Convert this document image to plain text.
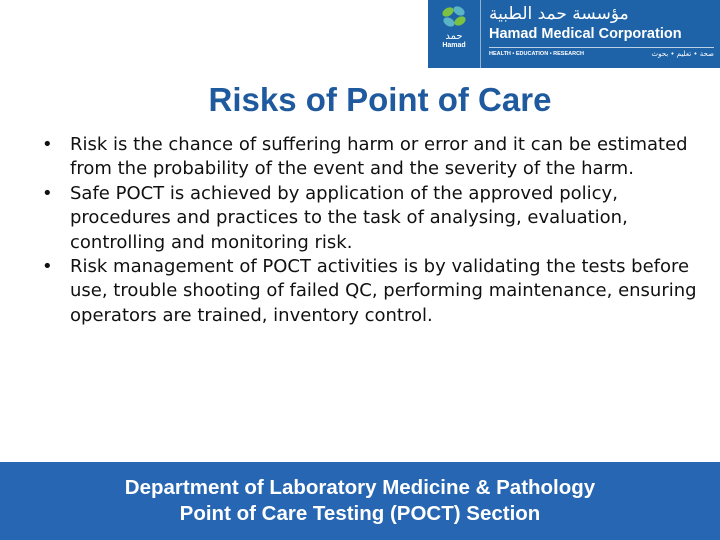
حمد
Hamad
مؤسسة حمد الطبية
Hamad Medical Corporation
HEALTH • EDUCATION • RESEARCH	صحة • تعليم • بحوث
Risks of Point of Care
• Risk is the chance of suffering harm or error and it can be estimated from the probability of the event and the severity of the harm.
• Safe POCT is achieved by application of the approved policy, procedures and practices to the task of analysing, evaluation, controlling and monitoring risk.
• Risk management of POCT activities is by validating the tests before use, trouble shooting of failed QC, performing maintenance, ensuring operators are trained, inventory control.
Department of Laboratory Medicine & Pathology
Point of Care Testing (POCT) Section
